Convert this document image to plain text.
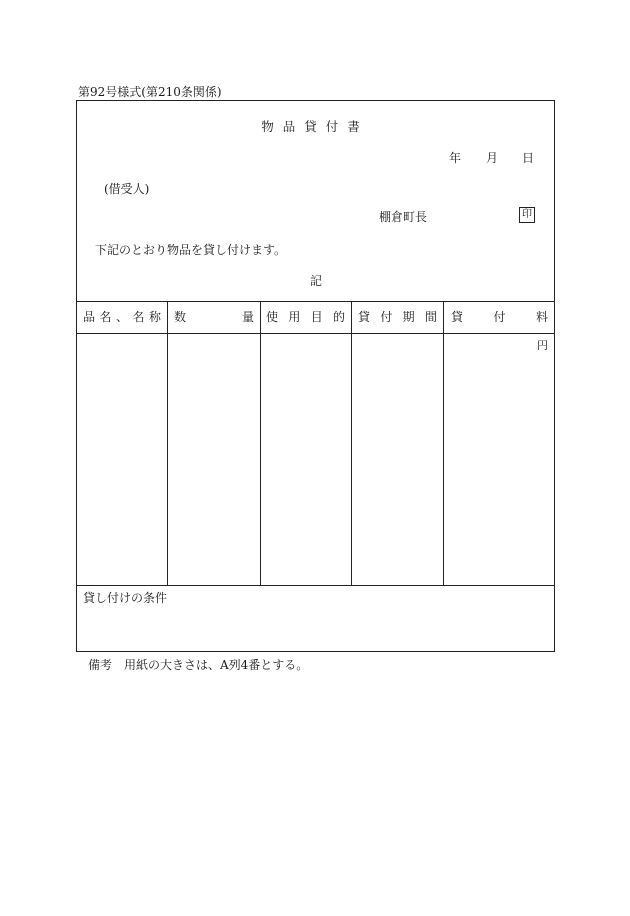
第92号様式(第210条関係)
物品貸付書
年 月 日
(借受人)
棚倉町長	印
下記のとおり物品を貸し付けます。
記
品名、名称 数量 使用目的 貸付期間 貸付料
円
貸し付けの条件
備考　用紙の大きさは、A列4番とする。
